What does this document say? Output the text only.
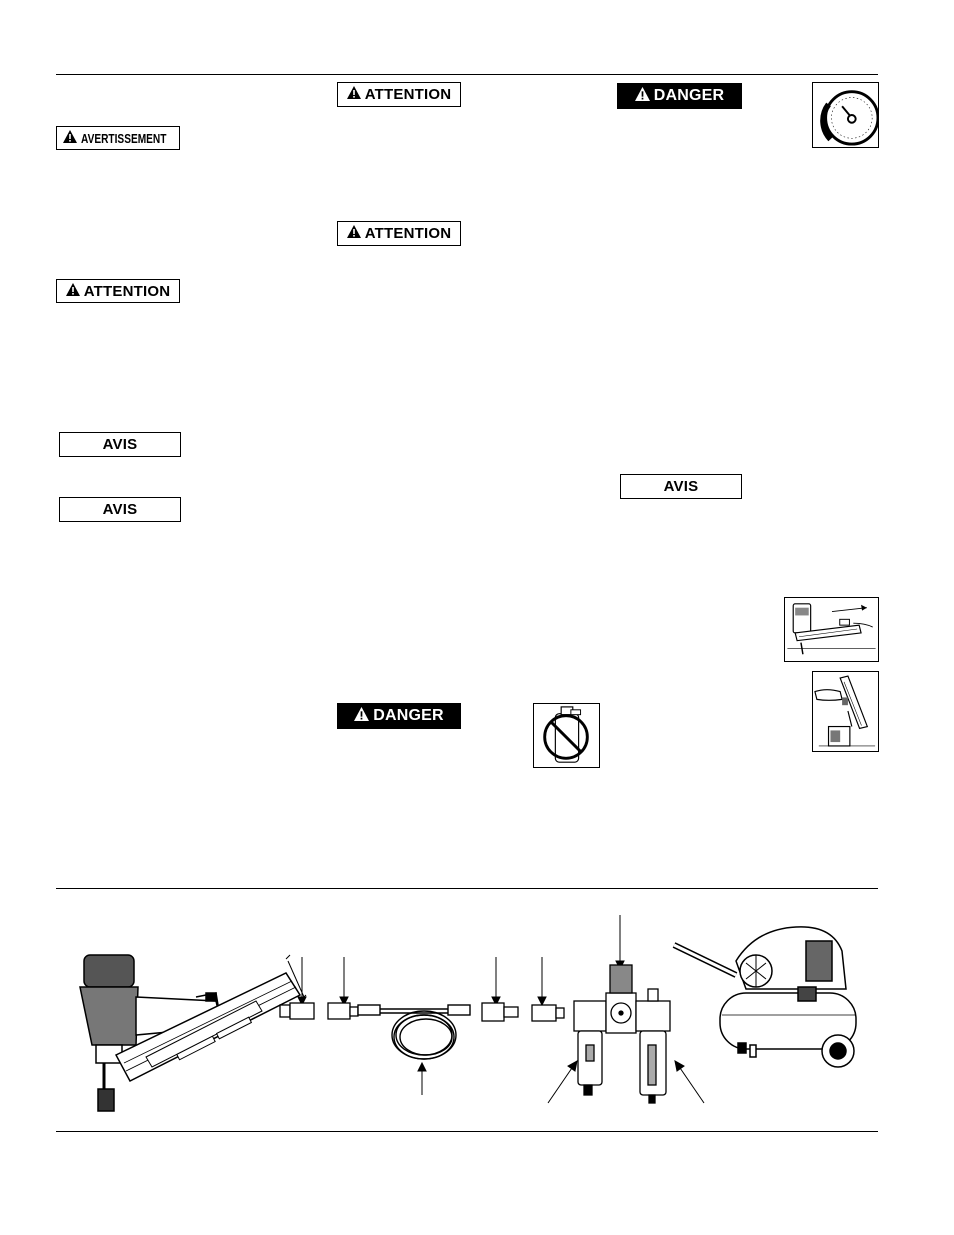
AVERTISSEMENT
ATTENTION
AVIS
AVIS
ATTENTION
ATTENTION
DANGER
DANGER
AVIS
